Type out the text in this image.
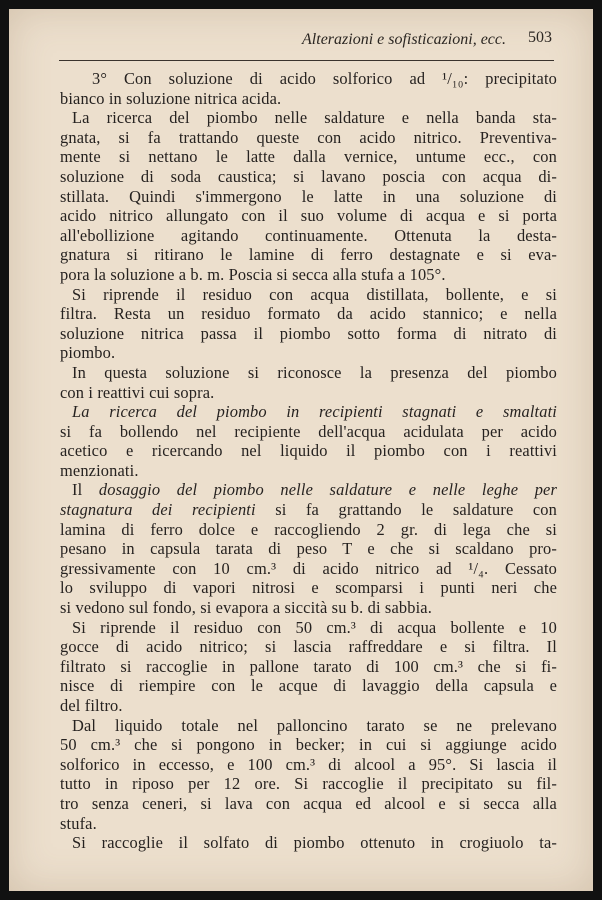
Alterazioni e sofisticazioni, ecc. 503
3° Con soluzione di acido solforico ad ¹/₁₀: precipitato
bianco in soluzione nitrica acida.
La ricerca del piombo nelle saldature e nella banda sta-
gnata, si fa trattando queste con acido nitrico. Preventiva-
mente si nettano le latte dalla vernice, untume ecc., con
soluzione di soda caustica; si lavano poscia con acqua di-
stillata. Quindi s'immergono le latte in una soluzione di
acido nitrico allungato con il suo volume di acqua e si porta
all'ebollizione agitando continuamente. Ottenuta la desta-
gnatura si ritirano le lamine di ferro destagnate e si eva-
pora la soluzione a b. m. Poscia si secca alla stufa a 105°.
Si riprende il residuo con acqua distillata, bollente, e si
filtra. Resta un residuo formato da acido stannico; e nella
soluzione nitrica passa il piombo sotto forma di nitrato di
piombo.
In questa soluzione si riconosce la presenza del piombo
con i reattivi cui sopra.
La ricerca del piombo in recipienti stagnati e smaltati
si fa bollendo nel recipiente dell'acqua acidulata per acido
acetico e ricercando nel liquido il piombo con i reattivi
menzionati.
Il dosaggio del piombo nelle saldature e nelle leghe per
stagnatura dei recipienti si fa grattando le saldature con
lamina di ferro dolce e raccogliendo 2 gr. di lega che si
pesano in capsula tarata di peso T e che si scaldano pro-
gressivamente con 10 cm.³ di acido nitrico ad ¹/₄. Cessato
lo sviluppo di vapori nitrosi e scomparsi i punti neri che
si vedono sul fondo, si evapora a siccità su b. di sabbia.
Si riprende il residuo con 50 cm.³ di acqua bollente e 10
gocce di acido nitrico; si lascia raffreddare e si filtra. Il
filtrato si raccoglie in pallone tarato di 100 cm.³ che si fi-
nisce di riempire con le acque di lavaggio della capsula e
del filtro.
Dal liquido totale nel palloncino tarato se ne prelevano
50 cm.³ che si pongono in becker; in cui si aggiunge acido
solforico in eccesso, e 100 cm.³ di alcool a 95°. Si lascia il
tutto in riposo per 12 ore. Si raccoglie il precipitato su fil-
tro senza ceneri, si lava con acqua ed alcool e si secca alla
stufa.
Si raccoglie il solfato di piombo ottenuto in crogiuolo ta-
